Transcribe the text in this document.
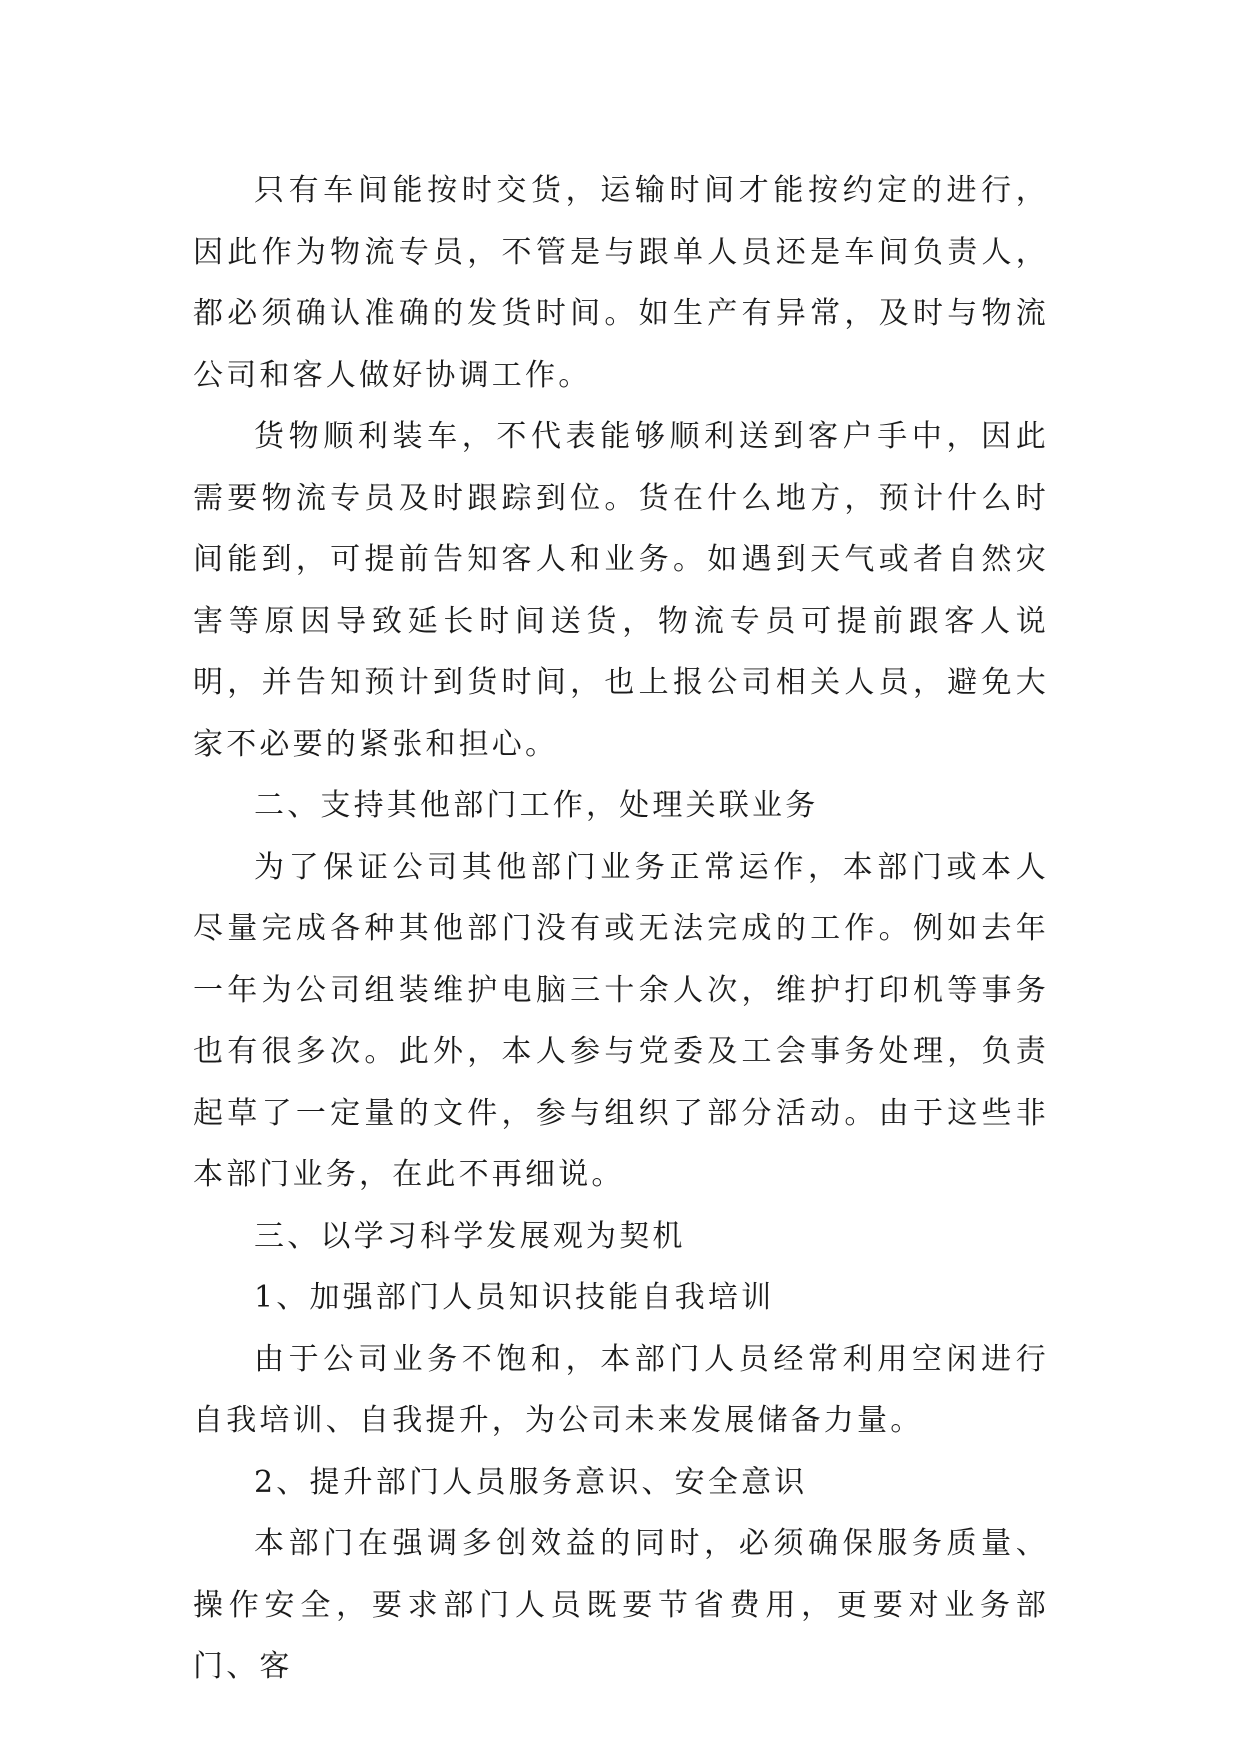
只有车间能按时交货，运输时间才能按约定的进行，因此作为物流专员，不管是与跟单人员还是车间负责人，都必须确认准确的发货时间。如生产有异常，及时与物流公司和客人做好协调工作。

货物顺利装车，不代表能够顺利送到客户手中，因此需要物流专员及时跟踪到位。货在什么地方，预计什么时间能到，可提前告知客人和业务。如遇到天气或者自然灾害等原因导致延长时间送货，物流专员可提前跟客人说明，并告知预计到货时间，也上报公司相关人员，避免大家不必要的紧张和担心。

二、支持其他部门工作，处理关联业务

为了保证公司其他部门业务正常运作，本部门或本人尽量完成各种其他部门没有或无法完成的工作。例如去年一年为公司组装维护电脑三十余人次，维护打印机等事务也有很多次。此外，本人参与党委及工会事务处理，负责起草了一定量的文件，参与组织了部分活动。由于这些非本部门业务，在此不再细说。

三、以学习科学发展观为契机

1、加强部门人员知识技能自我培训

由于公司业务不饱和，本部门人员经常利用空闲进行自我培训、自我提升，为公司未来发展储备力量。

2、提升部门人员服务意识、安全意识

本部门在强调多创效益的同时，必须确保服务质量、操作安全，要求部门人员既要节省费用，更要对业务部门、客
